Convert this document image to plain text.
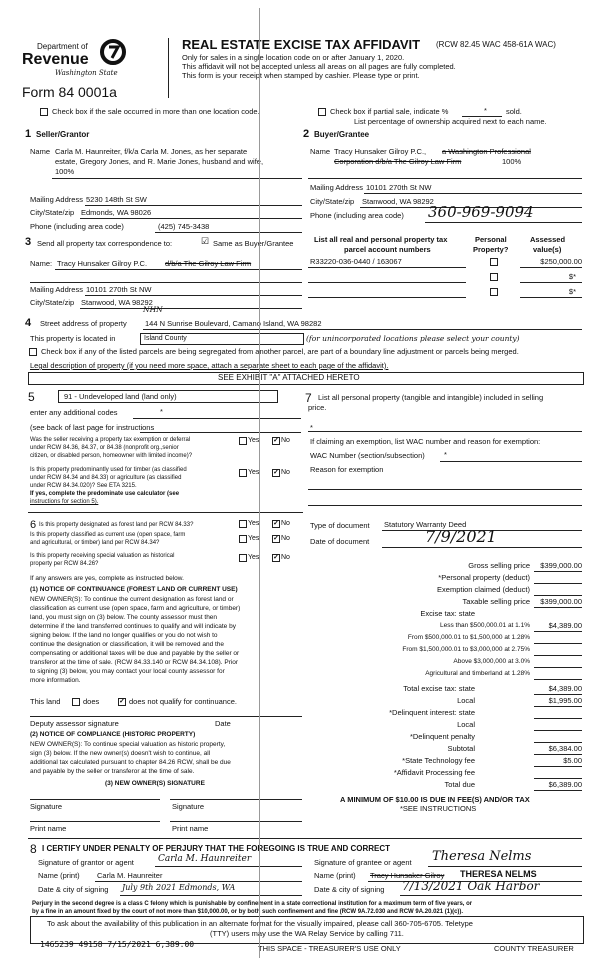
Department of
Revenue
Washington State
Form 84 0001a
REAL ESTATE EXCISE TAX AFFIDAVIT (RCW 82.45 WAC 458-61A WAC)
Only for sales in a single location code on or after January 1, 2020.
This affidavit will not be accepted unless all areas on all pages are fully completed.
This form is your receipt when stamped by cashier. Please type or print.
Check box if the sale occurred in more than one location code.	Check box if partial sale, indicate %	*	sold.
List percentage of ownership acquired next to each name.
1 Seller/Grantor
Name Carla M. Haunreiter, f/k/a Carla M. Jones, as her separate
estate, Gregory Jones, and R. Marie Jones, husband and wife,
100%
Mailing Address 5230 148th St SW
City/State/zip Edmonds, WA 98026
Phone (including area code)	(425) 745-3438
2 Buyer/Grantee
Name Tracy Hunsaker Gilroy P.C., a Washington Professional
Corporation d/b/a The Gilroy Law Firm	100%
Mailing Address 10101 270th St NW
City/State/zip Stanwood, WA 98292
Phone (including area code) 360-969-9094
3 Send all property tax correspondence to:	☑ Same as Buyer/Grantee
Name: Tracy Hunsaker Gilroy P.C. d/b/a The Gilroy Law Firm
Mailing Address 10101 270th St NW
City/State/zip Stanwood, WA 98292
List all real and personal property tax
parcel account numbers
Personal
Property?
Assessed
value(s)
R33220-036-0440 / 163067	$250,000.00
$*
$*
NHN
4 Street address of property 144 N Sunrise Boulevard, Camano Island, WA 98282
This property is located in	Island County	(for unincorporated locations please select your county)
Check box if any of the listed parcels are being segregated from another parcel, are part of a boundary line adjustment or parcels being merged.
Legal description of property (if you need more space, attach a separate sheet to each page of the affidavit).
SEE EXHIBIT "A" ATTACHED HERETO
5	91 - Undeveloped land (land only)
enter any additional codes	*
(see back of last page for instructions
Was the seller receiving a property tax exemption or deferral
under RCW 84.36, 84.37, or 84.38 (nonprofit org.,senior
citizen, or disabled person, homeowner with limited income)?
Yes ✓ No
Is this property predominantly used for timber (as classified
under RCW 84.34 and 84.33) or agriculture (as classified
under RCW 84.34.020)? See ETA 3215.
If yes, complete the predominate use calculator (see
instructions for section 5).
Yes ✓ No
6 Is this property designated as forest land per RCW 84.33?	Yes ✓ No
Is this property classified as current use (open space, farm
and agricultural, or timber) land per RCW 84.34?
Yes ✓ No
Is this property receiving special valuation as historical
property per RCW 84.26?
Yes ✓ No
If any answers are yes, complete as instructed below.
(1) NOTICE OF CONTINUANCE (FOREST LAND OR CURRENT USE)
NEW OWNER(S): To continue the current designation as forest land or
classification as current use (open space, farm and agriculture, or timber)
land, you must sign on (3) below. The county assessor must then
determine if the land transferred continues to qualify and will indicate by
signing below. If the land no longer qualifies or you do not wish to
continue the designation or classification, it will be removed and the
compensating or additional taxes will be due and payable by the seller or
transferor at the time of sale. (RCW 84.33.140 or RCW 84.34.108). Prior
to signing (3) below, you may contact your local county assessor for
more information.
This land	does	✓ does not qualify for continuance.
Deputy assessor signature	Date
(2) NOTICE OF COMPLIANCE (HISTORIC PROPERTY)
NEW OWNER(S): To continue special valuation as historic property,
sign (3) below. If the new owner(s) doesn't wish to continue, all
additional tax calculated pursuant to chapter 84.26 RCW, shall be due
and payable by the seller or transferor at the time of sale.
(3) NEW OWNER(S) SIGNATURE
Signature	Signature
Print name	Print name
7 List all personal property (tangible and intangible) included in selling
price.
*
If claiming an exemption, list WAC number and reason for exemption:
WAC Number (section/subsection)	*
Reason for exemption
Type of document Statutory Warranty Deed
Date of document	7/9/2021
Gross selling price	$399,000.00
*Personal property (deduct)
Exemption claimed (deduct)
Taxable selling price	$399,000.00
Excise tax: state
Less than $500,000.01 at 1.1%	$4,389.00
From $500,000.01 to $1,500,000 at 1.28%
From $1,500,000.01 to $3,000,000 at 2.75%
Above $3,000,000 at 3.0%
Agricultural and timberland at 1.28%
Total excise tax: state	$4,389.00
Local	$1,995.00
*Delinquent interest: state
Local
*Delinquent penalty
Subtotal	$6,384.00
*State Technology fee	$5.00
*Affidavit Processing fee
Total due	$6,389.00
A MINIMUM OF $10.00 IS DUE IN FEE(S) AND/OR TAX
*SEE INSTRUCTIONS
8 I CERTIFY UNDER PENALTY OF PERJURY THAT THE FOREGOING IS TRUE AND CORRECT
Signature of grantor or agent	Carla M. Haunreiter
Name (print) Carla M. Haunreiter
Date & city of signing July 9th 2021 Edmonds, WA
Signature of grantee or agent Theresa Nelms
Name (print) Tracy Hunsaker Gilroy THERESA NELMS
Date & city of signing 7/13/2021 Oak Harbor
Perjury in the second degree is a class C felony which is punishable by confinement in a state correctional institution for a maximum term of five years, or
by a fine in an amount fixed by the court of not more than $10,000.00, or by both such confinement and fine (RCW 9A.72.030 and RCW 9A.20.021 (1)(c)).
To ask about the availability of this publication in an alternate format for the visually impaired, please call 360-705-6705. Teletype
(TTY) users may use the WA Relay Service by calling 711.
1465239 49158 7/15/2021 6,389.00	THIS SPACE - TREASURER'S USE ONLY	COUNTY TREASURER
